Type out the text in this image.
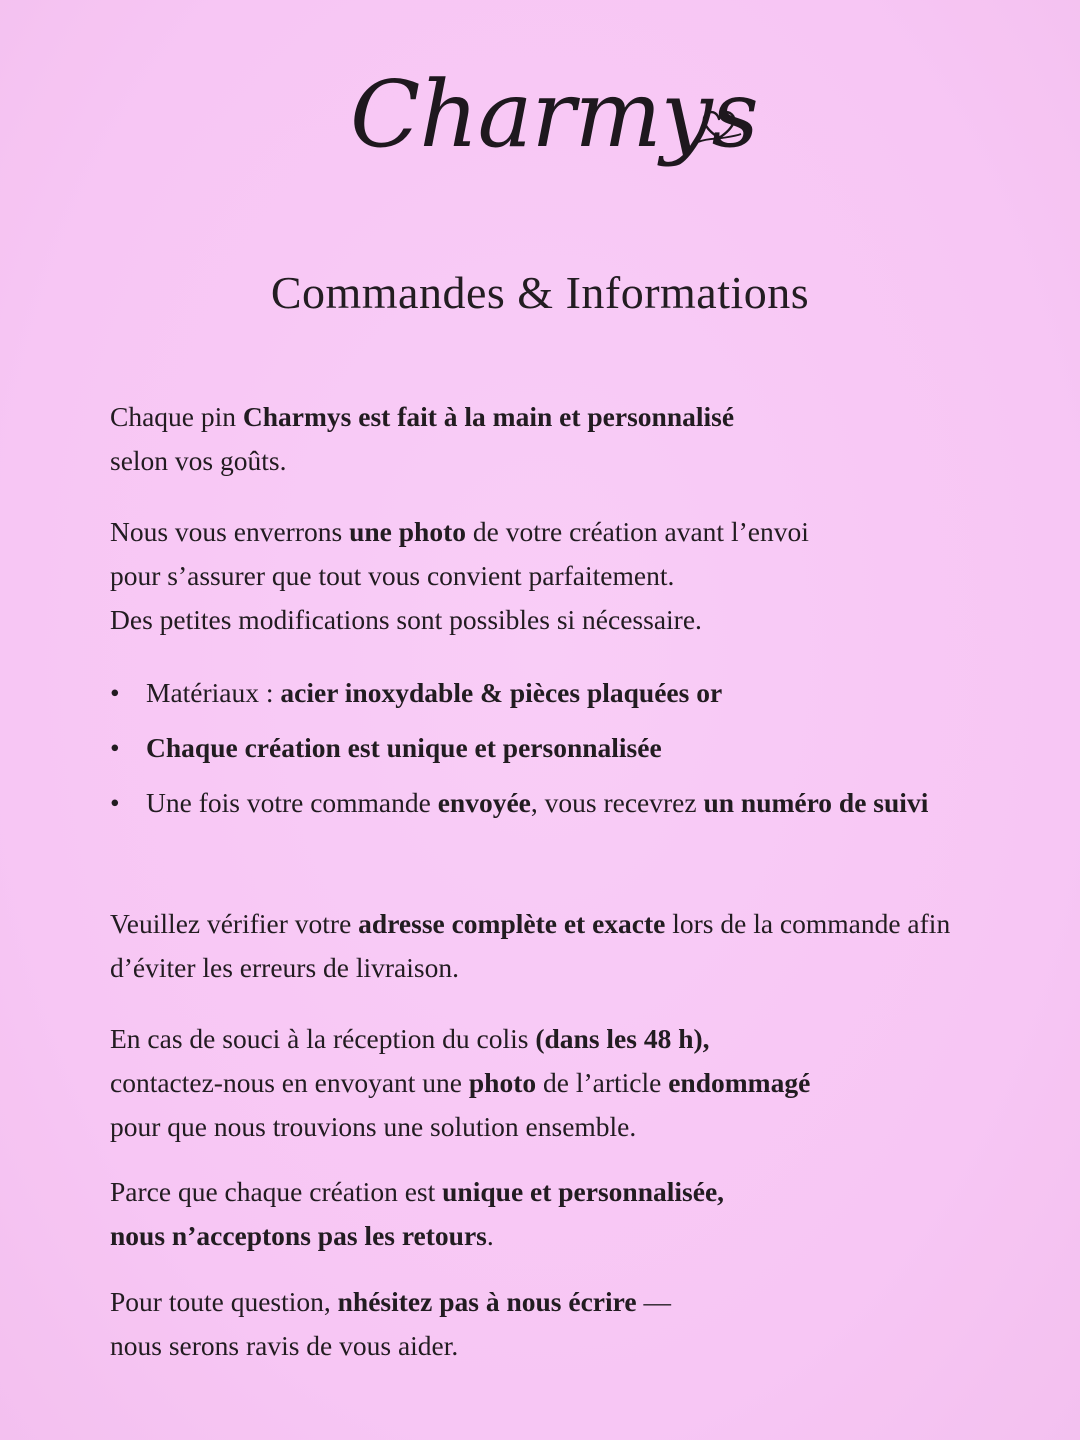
Charmys
Commandes & Informations
Chaque pin Charmys est fait à la main et personnalisé
selon vos goûts.
Nous vous enverrons une photo de votre création avant l’envoi
pour s’assurer que tout vous convient parfaitement.
Des petites modifications sont possibles si nécessaire.
• Matériaux : acier inoxydable & pièces plaquées or
• Chaque création est unique et personnalisée
• Une fois votre commande envoyée, vous recevrez un numéro de suivi
Veuillez vérifier votre adresse complète et exacte lors de la commande afin d’éviter les erreurs de livraison.
En cas de souci à la réception du colis (dans les 48 h),
contactez-nous en envoyant une photo de l’article endommagé
pour que nous trouvions une solution ensemble.
Parce que chaque création est unique et personnalisée,
nous n’acceptons pas les retours.
Pour toute question, nhésitez pas à nous écrire —
nous serons ravis de vous aider.
